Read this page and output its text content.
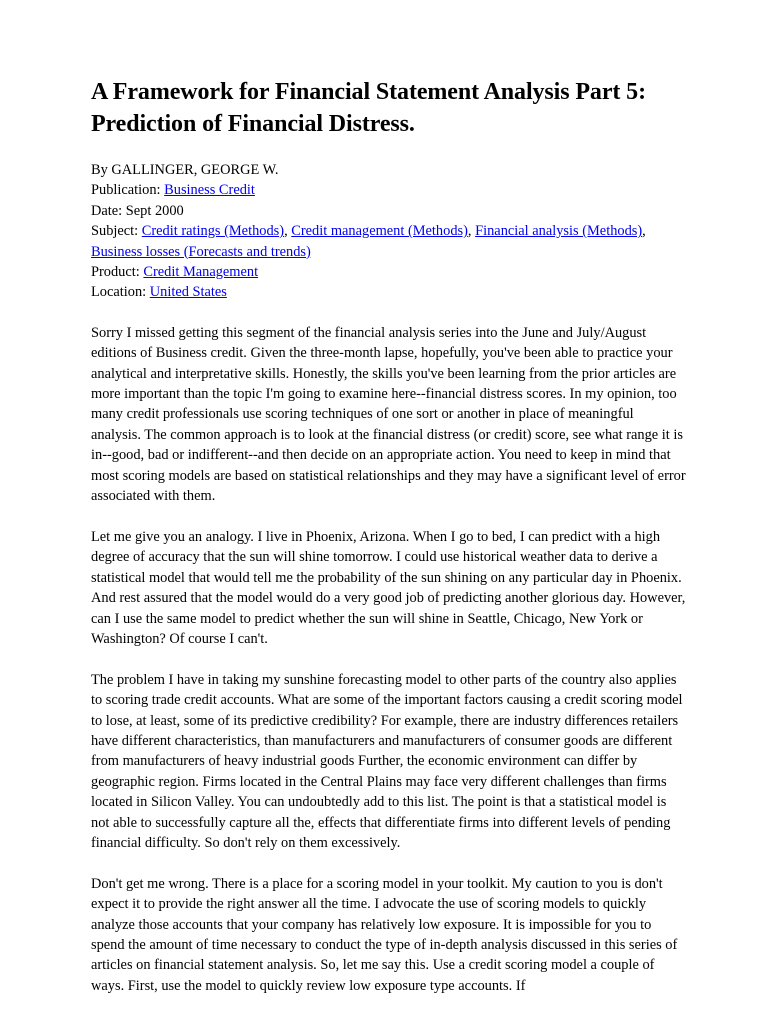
A Framework for Financial Statement Analysis Part 5: Prediction of Financial Distress.
By GALLINGER, GEORGE W.
Publication: Business Credit
Date: Sept 2000
Subject: Credit ratings (Methods), Credit management (Methods), Financial analysis (Methods), Business losses (Forecasts and trends)
Product: Credit Management
Location: United States

Sorry I missed getting this segment of the financial analysis series into the June and July/August editions of Business credit. Given the three-month lapse, hopefully, you've been able to practice your analytical and interpretative skills. Honestly, the skills you've been learning from the prior articles are more important than the topic I'm going to examine here--financial distress scores. In my opinion, too many credit professionals use scoring techniques of one sort or another in place of meaningful analysis. The common approach is to look at the financial distress (or credit) score, see what range it is in--good, bad or indifferent--and then decide on an appropriate action. You need to keep in mind that most scoring models are based on statistical relationships and they may have a significant level of error associated with them.

Let me give you an analogy. I live in Phoenix, Arizona. When I go to bed, I can predict with a high degree of accuracy that the sun will shine tomorrow. I could use historical weather data to derive a statistical model that would tell me the probability of the sun shining on any particular day in Phoenix. And rest assured that the model would do a very good job of predicting another glorious day. However, can I use the same model to predict whether the sun will shine in Seattle, Chicago, New York or Washington? Of course I can't.

The problem I have in taking my sunshine forecasting model to other parts of the country also applies to scoring trade credit accounts. What are some of the important factors causing a credit scoring model to lose, at least, some of its predictive credibility? For example, there are industry differences retailers have different characteristics, than manufacturers and manufacturers of consumer goods are different from manufacturers of heavy industrial goods Further, the economic environment can differ by geographic region. Firms located in the Central Plains may face very different challenges than firms located in Silicon Valley. You can undoubtedly add to this list. The point is that a statistical model is not able to successfully capture all the, effects that differentiate firms into different levels of pending financial difficulty. So don't rely on them excessively.

Don't get me wrong. There is a place for a scoring model in your toolkit. My caution to you is don't expect it to provide the right answer all the time. I advocate the use of scoring models to quickly analyze those accounts that your company has relatively low exposure. It is impossible for you to spend the amount of time necessary to conduct the type of in-depth analysis discussed in this series of articles on financial statement analysis. So, let me say this. Use a credit scoring model a couple of ways. First, use the model to quickly review low exposure type accounts. If
